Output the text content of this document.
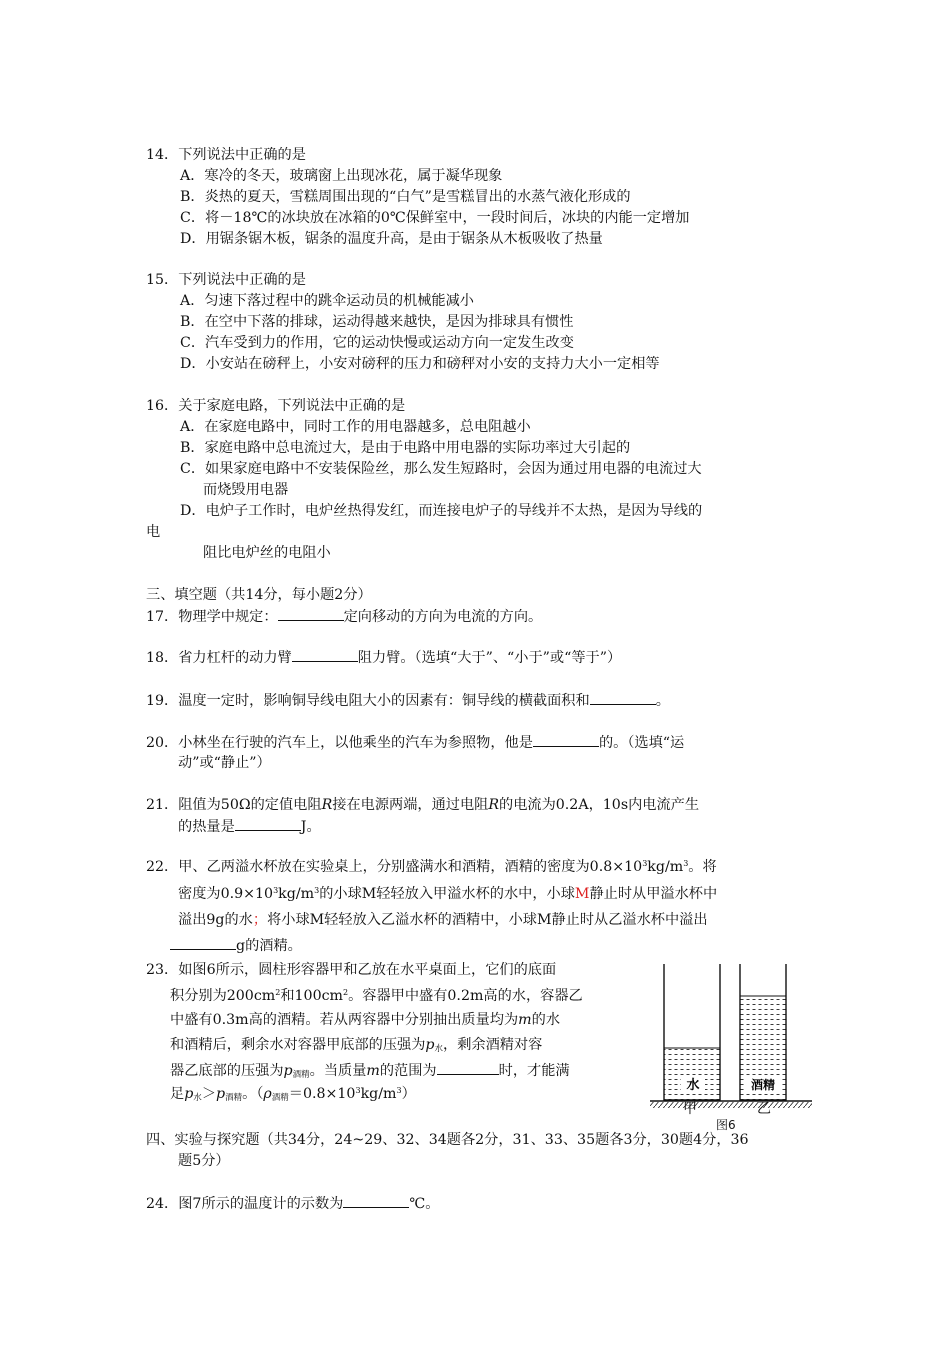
14．下列说法中正确的是
A．寒冷的冬天，玻璃窗上出现冰花，属于凝华现象
B．炎热的夏天，雪糕周围出现的“白气”是雪糕冒出的水蒸气液化形成的
C．将－18℃的冰块放在冰箱的0℃保鲜室中，一段时间后，冰块的内能一定增加
D．用锯条锯木板，锯条的温度升高，是由于锯条从木板吸收了热量
15．下列说法中正确的是
A．匀速下落过程中的跳伞运动员的机械能减小
B．在空中下落的排球，运动得越来越快，是因为排球具有惯性
C．汽车受到力的作用，它的运动快慢或运动方向一定发生改变
D．小安站在磅秤上，小安对磅秤的压力和磅秤对小安的支持力大小一定相等
16．关于家庭电路，下列说法中正确的是
A．在家庭电路中，同时工作的用电器越多，总电阻越小
B．家庭电路中总电流过大，是由于电路中用电器的实际功率过大引起的
C．如果家庭电路中不安装保险丝，那么发生短路时，会因为通过用电器的电流过大
而烧毁用电器
D．电炉子工作时，电炉丝热得发红，而连接电炉子的导线并不太热，是因为导线的
电
阻比电炉丝的电阻小
三、填空题（共14分，每小题2分）
17．物理学中规定：	定向移动的方向为电流的方向。
18．省力杠杆的动力臂	阻力臂。（选填“大于”、“小于”或“等于”）
19．温度一定时，影响铜导线电阻大小的因素有：铜导线的横截面积和	。
20．小林坐在行驶的汽车上，以他乘坐的汽车为参照物，他是	的。（选填“运
动”或“静止”）
21．阻值为50Ω的定值电阻R接在电源两端，通过电阻R的电流为0.2A，10s内电流产生
的热量是	J。
22．甲、乙两溢水杯放在实验桌上，分别盛满水和酒精，酒精的密度为$0.8\times 10^3kg/m^3$。将
密度为$0.9\times 10^3kg/m^3$的小球M轻轻放入甲溢水杯的水中，小球M静止时从甲溢水杯中
溢出9g的水；将小球M轻轻放入乙溢水杯的酒精中，小球M静止时从乙溢水杯中溢出
g的酒精。
23．如图6所示，圆柱形容器甲和乙放在水平桌面上，它们的底面
积分别为$200cm^2$和$100cm^2$。容器甲中盛有0.2m高的水，容器乙
中盛有0.3m高的酒精。若从两容器中分别抽出质量均为m的水
和酒精后，剩余水对容器甲底部的压强为$p_水$，剩余酒精对容
器乙底部的压强为$p_{酒精}$。当质量m的范围为	时，才能满
足$p_水>p_{酒精}$。$(\rho_{酒精}=0.8\times 10^3kg/m^3)$
水	酒精
甲	乙
图6
四、实验与探究题（共34分，24~29、32、34题各2分，31、33、35题各3分，30题4分，36
题5分）
24．图7所示的温度计的示数为	℃。
